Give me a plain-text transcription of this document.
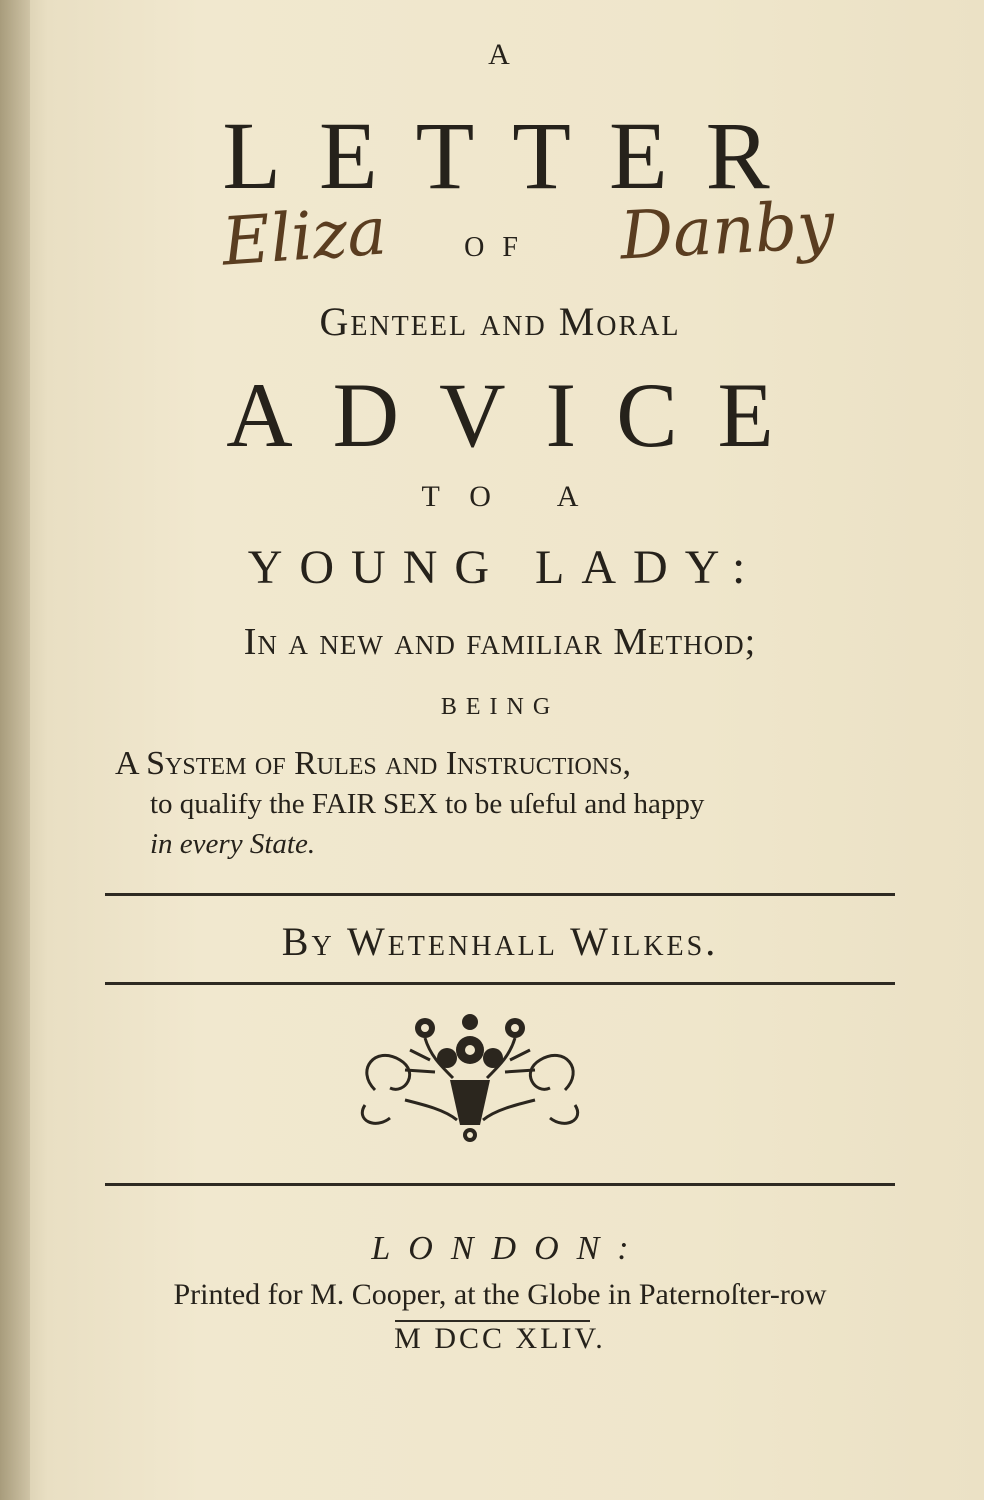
A
LETTER
OF
Eliza	Danby
Genteel and Moral
ADVICE
TO A
YOUNG LADY:
In a new and familiar Method;
BEING
A Syſtem of Rules and Instructions,
to qualify the FAIR SEX to be uſeful and happy
in every State.
By Wetenhall Wilkes.
LONDON:
Printed for M. Cooper, at the Globe in Paternoſter-row
M DCC XLIV.
